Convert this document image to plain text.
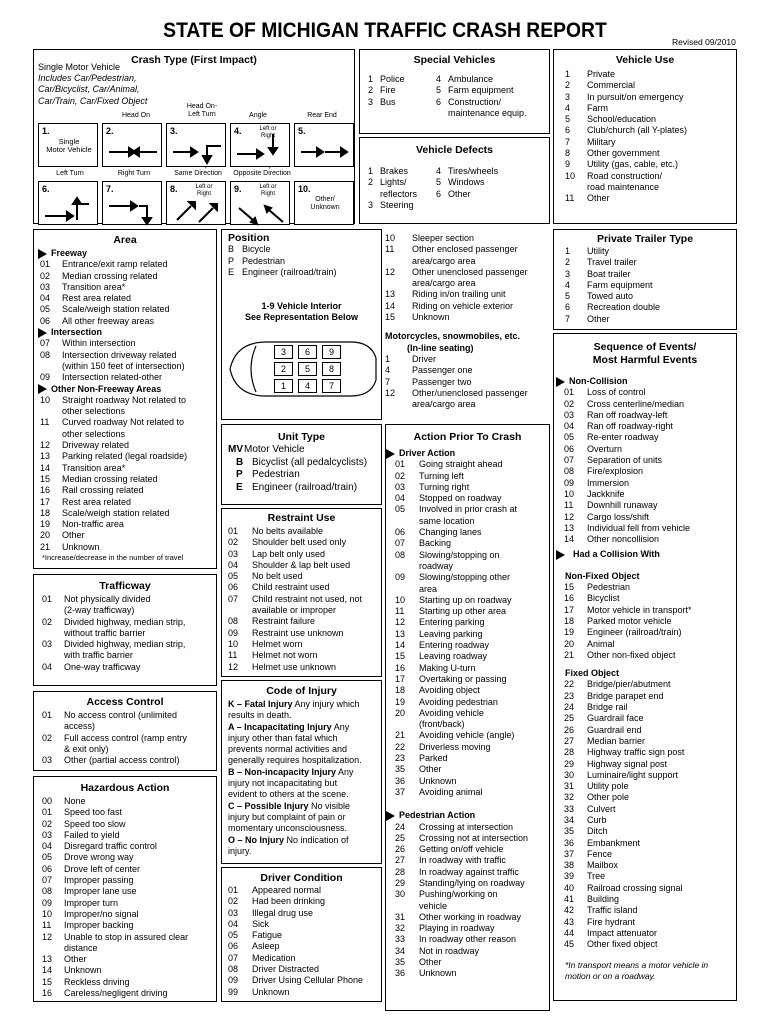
STATE OF MICHIGAN TRAFFIC CRASH REPORT	Revised 09/2010
Crash Type (First Impact)
Single Motor Vehicle
Includes Car/Pedestrian,
Car/Bicyclist, Car/Animal,
Car/Train, Car/Fixed Object
Head On
Head On-
Left Turn	Angle	Rear End

Left Turn	
Right Turn	
Same Direction	
Opposite Direction
1.
Single
Motor Vehicle
2.	3.	4.	Left or
Right	5.
6.	7.	8.	Left or
Right	9.	Left or
Right	10.
Other/
Unknown
Special Vehicles
1 Police	4 Ambulance
2 Fire	5 Farm equipment
3 Bus	6 Construction/
maintenance equip.
Vehicle Defects
1 Brakes	4 Tires/wheels
2 Lights/	5 Windows
reflectors	6 Other
3 Steering
Vehicle Use
1	Private
2	Commercial
3	In pursuit/on emergency
4	Farm
5	School/education
6	Club/church (all Y-plates)
7	Military
8	Other government
9	Utility (gas, cable, etc.)
10	Road construction/
road maintenance
11	Other
Area
Freeway
01	Entrance/exit ramp related
02	Median crossing related
03	Transition area*
04	Rest area related
05	Scale/weigh station related
06	All other freeway areas
Intersection
07	Within intersection
08	Intersection driveway related
(within 150 feet of intersection)
09	Intersection related-other
Other Non-Freeway Areas
10	Straight roadway Not related to
other selections
11	Curved roadway Not related to
other selections
12	Driveway related
13	Parking related (legal roadside)
14	Transition area*
15	Median crossing related
16	Rail crossing related
17	Rest area related
18	Scale/weigh station related
19	Non-traffic area
20	Other
21	Unknown
*Increase/decrease in the number of travel
Position
B Bicycle
P Pedestrian
E Engineer (railroad/train)
1-9 Vehicle Interior
See Representation Below
3	6	9
2	5	8
1	4	7
10	Sleeper section
11	Other enclosed passenger
area/cargo area
12	Other unenclosed passenger
area/cargo area
13	Riding in/on trailing unit
14	Riding on vehicle exterior
15	Unknown
Motorcycles, snowmobiles, etc.
(In-line seating)
1	Driver
4	Passenger one
7	Passenger two
12	Other/unenclosed passenger
area/cargo area
Private Trailer Type
1	Utility
2	Travel trailer
3	Boat trailer
4	Farm equipment
5	Towed auto
6	Recreation double
7	Other
Sequence of Events/
Most Harmful Events
Non-Collision
01	Loss of control
02	Cross centerline/median
03	Ran off roadway-left
04	Ran off roadway-right
05	Re-enter roadway
06	Overturn
07	Separation of units
08	Fire/explosion
09	Immersion
10	Jackknife
11	Downhill runaway
12	Cargo loss/shift
13	Individual fell from vehicle
14	Other noncollision
Had a Collision With
Non-Fixed Object
15	Pedestrian
16	Bicyclist
17	Motor vehicle in transport*
18	Parked motor vehicle
19	Engineer (railroad/train)
20	Animal
21	Other non-fixed object
Fixed Object
22	Bridge/pier/abutment
23	Bridge parapet end
24	Bridge rail
25	Guardrail face
26	Guardrail end
27	Median barrier
28	Highway traffic sign post
29	Highway signal post
30	Luminaire/light support
31	Utility pole
32	Other pole
33	Culvert
34	Curb
35	Ditch
36	Embankment
37	Fence
38	Mailbox
39	Tree
40	Railroad crossing signal
41	Building
42	Traffic island
43	Fire hydrant
44	Impact attenuator
45	Other fixed object
*In transport means a motor vehicle in
motion or on a roadway.
Trafficway
01	Not physically divided
(2-way trafficway)
02	Divided highway, median strip,
without traffic barrier
03	Divided highway, median strip,
with traffic barrier
04	One-way trafficway
Unit Type
MV Motor Vehicle
B Bicyclist (all pedalcyclists)
P Pedestrian
E Engineer (railroad/train)
Restraint Use
01	No belts available
02	Shoulder belt used only
03	Lap belt only used
04	Shoulder & lap belt used
05	No belt used
06	Child restraint used
07	Child restraint not used, not
available or improper
08	Restraint failure
09	Restraint use unknown
10	Helmet worn
11	Helmet not worn
12	Helmet use unknown
Action Prior To Crash
Driver Action
01	Going straight ahead
02	Turning left
03	Turning right
04	Stopped on roadway
05	Involved in prior crash at
same location
06	Changing lanes
07	Backing
08	Slowing/stopping on
roadway
09	Slowing/stopping other
area
10	Starting up on roadway
11	Starting up other area
12	Entering parking
13	Leaving parking
14	Entering roadway
15	Leaving roadway
16	Making U-turn
17	Overtaking or passing
18	Avoiding object
19	Avoiding pedestrian
20	Avoiding vehicle
(front/back)
21	Avoiding vehicle (angle)
22	Driverless moving
23	Parked
35	Other
36	Unknown
37	Avoiding animal
Pedestrian Action
24	Crossing at intersection
25	Crossing not at intersection
26	Getting on/off vehicle
27	In roadway with traffic
28	In roadway against traffic
29	Standing/lying on roadway
30	Pushing/working on
vehicle
31	Other working in roadway
32	Playing in roadway
33	In roadway other reason
34	Not in roadway
35	Other
36	Unknown
Code of Injury
K – Fatal Injury Any injury which
results in death.
A – Incapacitating Injury Any
injury other than fatal which
prevents normal activities and
generally requires hospitalization.
B – Non-incapacity Injury Any
injury not incapacitating but
evident to others at the scene.
C – Possible Injury No visible
injury but complaint of pain or
momentary unconsciousness.
O – No Injury No indication of
injury.
Driver Condition
01	Appeared normal
02	Had been drinking
03	Illegal drug use
04	Sick
05	Fatigue
06	Asleep
07	Medication
08	Driver Distracted
09	Driver Using Cellular Phone
99	Unknown
Access Control
01	No access control (unlimited
access)
02	Full access control (ramp entry
& exit only)
03	Other (partial access control)
Hazardous Action
00	None
01	Speed too fast
02	Speed too slow
03	Failed to yield
04	Disregard traffic control
05	Drove wrong way
06	Drove left of center
07	Improper passing
08	Improper lane use
09	Improper turn
10	Improper/no signal
11	Improper backing
12	Unable to stop in assured clear
distance
13	Other
14	Unknown
15	Reckless driving
16	Careless/negligent driving
